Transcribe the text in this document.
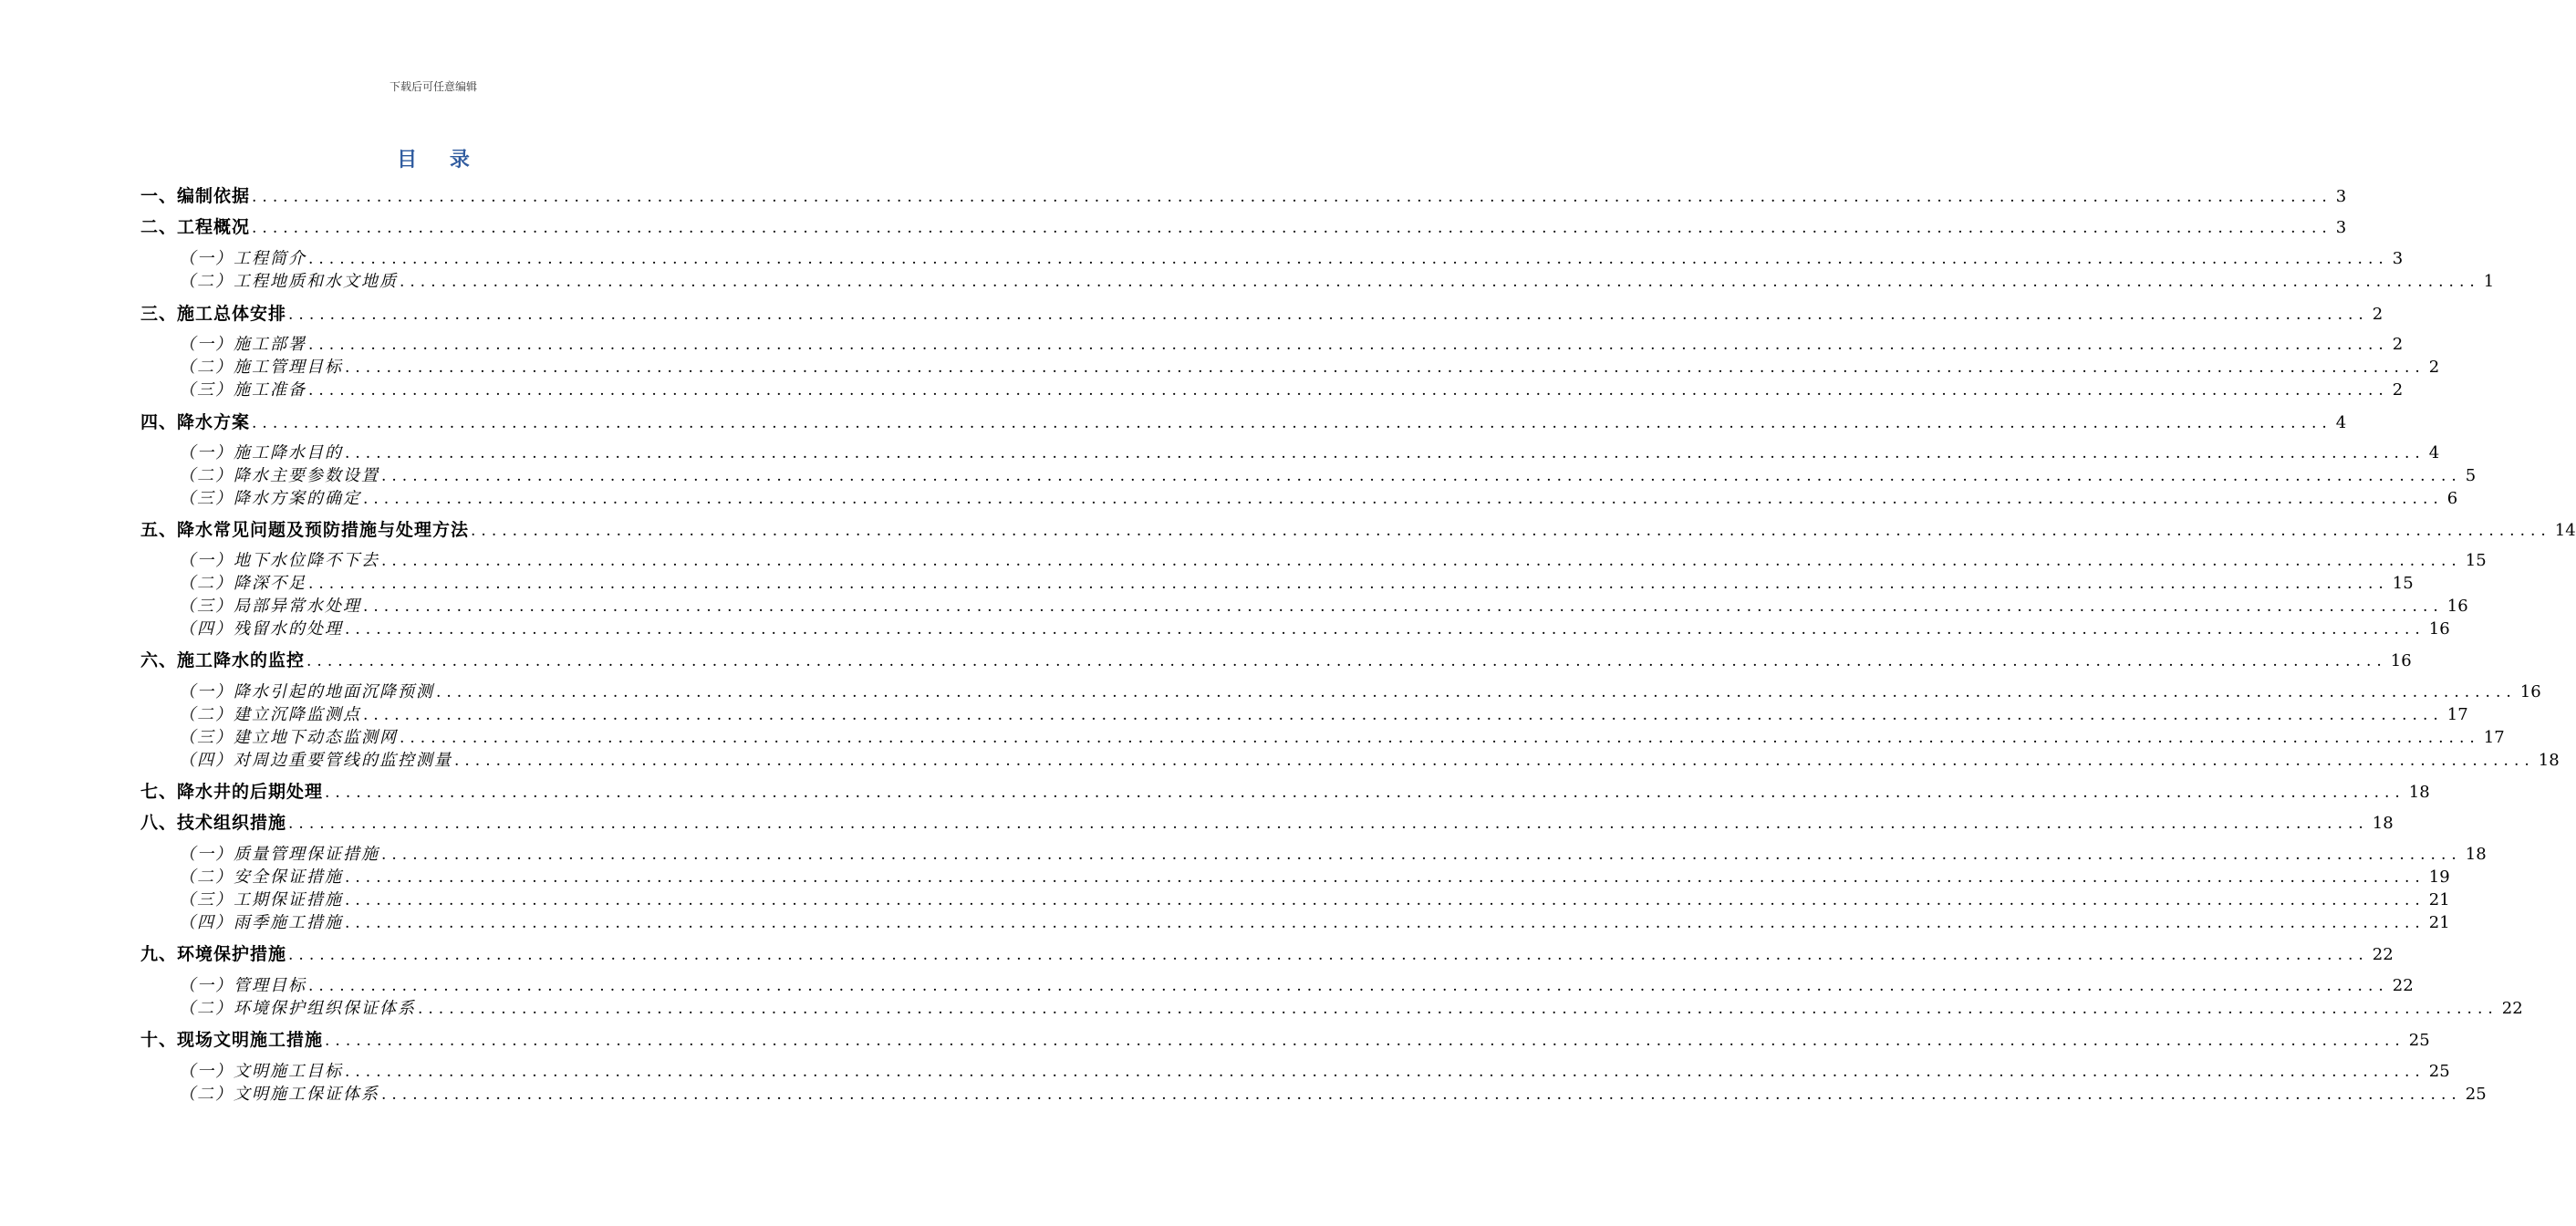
下载后可任意编辑
目 录
一、编制依据 ........................................................................................................................................................................................................ 3
二、工程概况 ........................................................................................................................................................................................................ 3
（一）工程简介 ........................................................................................................................................................................................................ 3
（二）工程地质和水文地质 ........................................................................................................................................................................................................ 1
三、施工总体安排 ........................................................................................................................................................................................................ 2
（一）施工部署 ........................................................................................................................................................................................................ 2
（二）施工管理目标 ........................................................................................................................................................................................................ 2
（三）施工准备 ........................................................................................................................................................................................................ 2
四、降水方案 ........................................................................................................................................................................................................ 4
（一）施工降水目的 ........................................................................................................................................................................................................ 4
（二）降水主要参数设置 ........................................................................................................................................................................................................ 5
（三）降水方案的确定 ........................................................................................................................................................................................................ 6
五、降水常见问题及预防措施与处理方法 ........................................................................................................................................................................................................ 14
（一）地下水位降不下去 ........................................................................................................................................................................................................ 15
（二）降深不足 ........................................................................................................................................................................................................ 15
（三）局部异常水处理 ........................................................................................................................................................................................................ 16
（四）残留水的处理 ........................................................................................................................................................................................................ 16
六、施工降水的监控 ........................................................................................................................................................................................................ 16
（一）降水引起的地面沉降预测 ........................................................................................................................................................................................................ 16
（二）建立沉降监测点 ........................................................................................................................................................................................................ 17
（三）建立地下动态监测网 ........................................................................................................................................................................................................ 17
（四）对周边重要管线的监控测量 ........................................................................................................................................................................................................ 18
七、降水井的后期处理 ........................................................................................................................................................................................................ 18
八、技术组织措施 ........................................................................................................................................................................................................ 18
（一）质量管理保证措施 ........................................................................................................................................................................................................ 18
（二）安全保证措施 ........................................................................................................................................................................................................ 19
（三）工期保证措施 ........................................................................................................................................................................................................ 21
（四）雨季施工措施 ........................................................................................................................................................................................................ 21
九、环境保护措施 ........................................................................................................................................................................................................ 22
（一）管理目标 ........................................................................................................................................................................................................ 22
（二）环境保护组织保证体系 ........................................................................................................................................................................................................ 22
十、现场文明施工措施 ........................................................................................................................................................................................................ 25
（一）文明施工目标 ........................................................................................................................................................................................................ 25
（二）文明施工保证体系 ........................................................................................................................................................................................................ 25
